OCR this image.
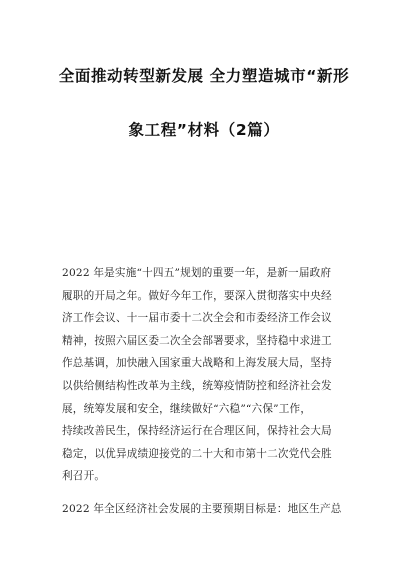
全面推动转型新发展 全力塑造城市“新形
象工程”材料（2篇）
2022 年是实施“十四五”规划的重要一年，是新一届政府
履职的开局之年。做好今年工作，要深入贯彻落实中央经
济工作会议、十一届市委十二次全会和市委经济工作会议
精神，按照六届区委二次全会部署要求，坚持稳中求进工
作总基调，加快融入国家重大战略和上海发展大局，坚持
以供给侧结构性改革为主线，统筹疫情防控和经济社会发
展，统筹发展和安全，继续做好“六稳”“六保”工作，
持续改善民生，保持经济运行在合理区间，保持社会大局
稳定，以优异成绩迎接党的二十大和市第十二次党代会胜
利召开。
2022 年全区经济社会发展的主要预期目标是：地区生产总
